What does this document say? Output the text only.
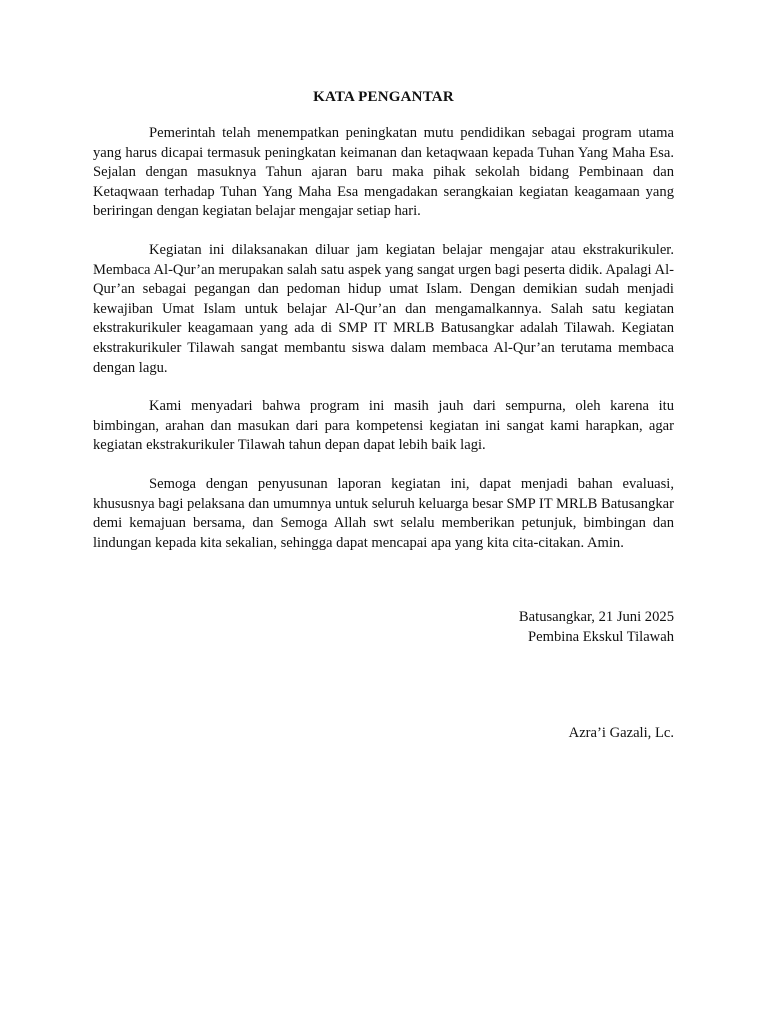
KATA PENGANTAR

Pemerintah telah menempatkan peningkatan mutu pendidikan sebagai program utama yang harus dicapai termasuk peningkatan keimanan dan ketaqwaan kepada Tuhan Yang Maha Esa. Sejalan dengan masuknya Tahun ajaran baru maka pihak sekolah bidang Pembinaan dan Ketaqwaan terhadap Tuhan Yang Maha Esa mengadakan serangkaian kegiatan keagamaan yang beriringan dengan kegiatan belajar mengajar setiap hari.

Kegiatan ini dilaksanakan diluar jam kegiatan belajar mengajar atau ekstrakurikuler. Membaca Al-Qur’an merupakan salah satu aspek yang sangat urgen bagi peserta didik. Apalagi Al-Qur’an sebagai pegangan dan pedoman hidup umat Islam. Dengan demikian sudah menjadi kewajiban Umat Islam untuk belajar Al-Qur’an dan mengamalkannya. Salah satu kegiatan ekstrakurikuler keagamaan yang ada di SMP IT MRLB Batusangkar adalah Tilawah. Kegiatan ekstrakurikuler Tilawah sangat membantu siswa dalam membaca Al-Qur’an terutama membaca dengan lagu.

Kami menyadari bahwa program ini masih jauh dari sempurna, oleh karena itu bimbingan, arahan dan masukan dari para kompetensi kegiatan ini sangat kami harapkan, agar kegiatan ekstrakurikuler Tilawah tahun depan dapat lebih baik lagi.

Semoga dengan penyusunan laporan kegiatan ini, dapat menjadi bahan evaluasi, khususnya bagi pelaksana dan umumnya untuk seluruh keluarga besar SMP IT MRLB Batusangkar demi kemajuan bersama, dan Semoga Allah swt selalu memberikan petunjuk, bimbingan dan lindungan kepada kita sekalian, sehingga dapat mencapai apa yang kita cita-citakan. Amin.

Batusangkar, 21 Juni 2025
Pembina Ekskul Tilawah
Azra’i Gazali, Lc.
